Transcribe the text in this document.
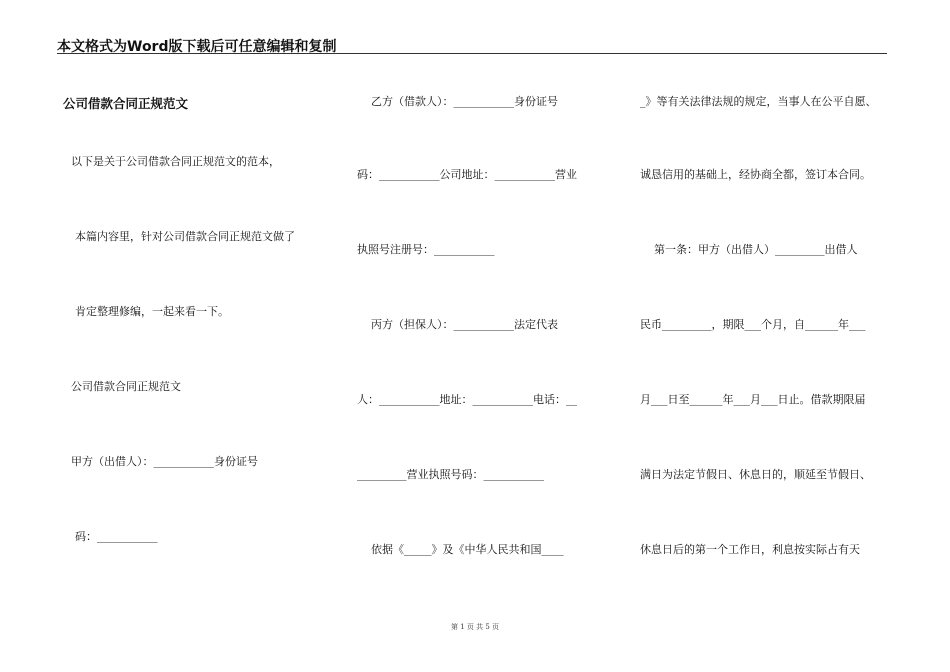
本文格式为Word版下载后可任意编辑和复制
公司借款合同正规范文
以下是关于公司借款合同正规范文的范本，
本篇内容里，针对公司借款合同正规范文做了
肯定整理修编，一起来看一下。
公司借款合同正规范文
甲方（出借人）：___________身份证号
码：___________
乙方（借款人）：___________身份证号
码：___________公司地址：___________营业
执照号注册号：___________
丙方（担保人）：___________法定代表
人：___________地址：___________电话：__
_________营业执照号码：___________
依据《_____》及《中华人民共和国____
_》等有关法律法规的规定，当事人在公平自愿、
诚恳信用的基础上，经协商全都，签订本合同。
第一条：甲方（出借人）_________出借人
民币_________，期限___个月，自______年___
月___日至______年___月___日止。借款期限届
满日为法定节假日、休息日的，顺延至节假日、
休息日后的第一个工作日，利息按实际占有天
第 1 页 共 5 页
